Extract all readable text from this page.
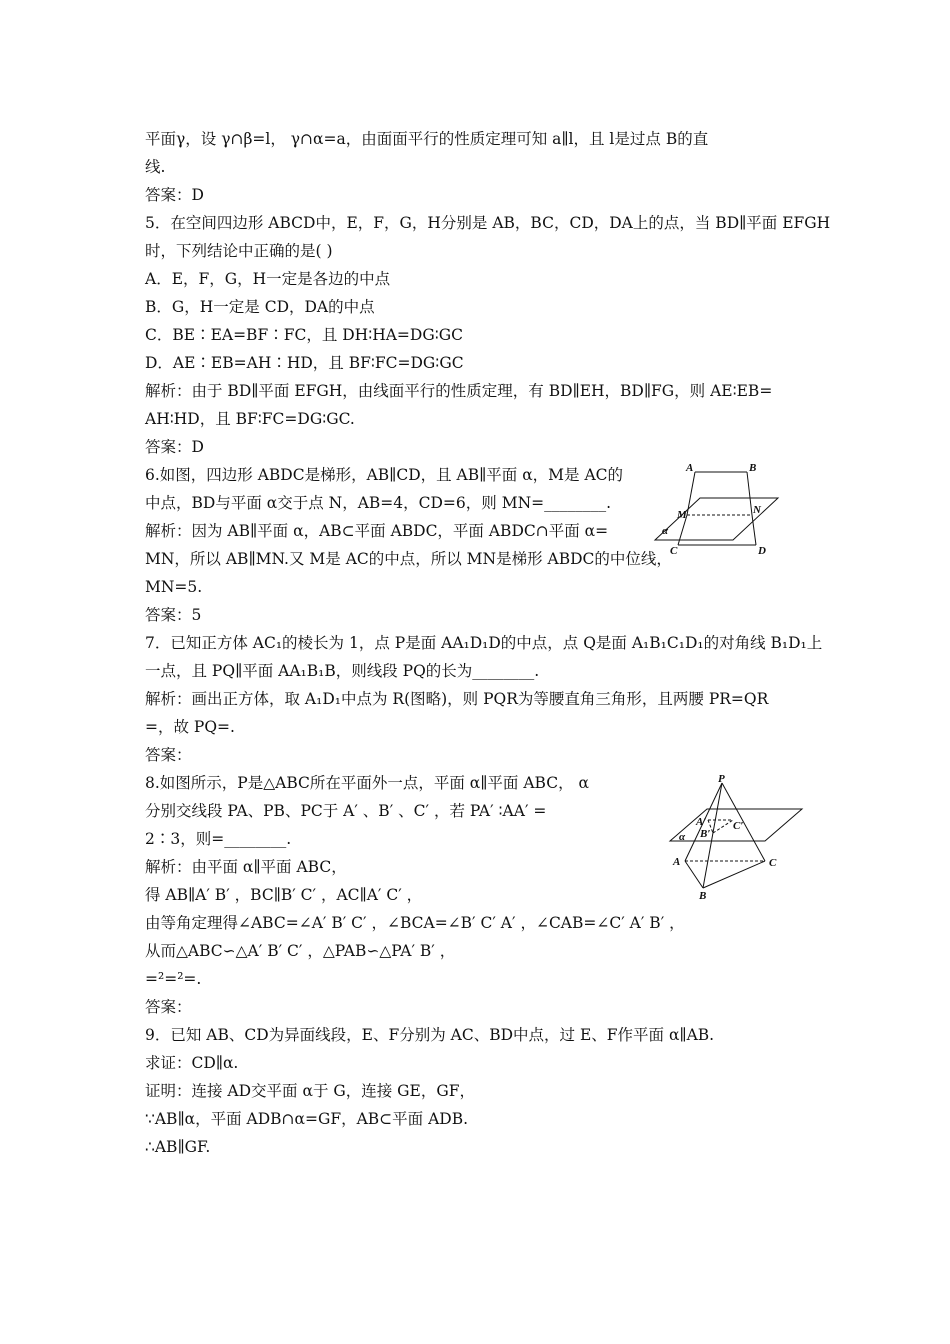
平面γ，设 γ∩β=l， γ∩α=a，由面面平行的性质定理可知 a∥l，且 l是过点 B的直
线.
答案：D
5．在空间四边形 ABCD中，E，F，G，H分别是 AB，BC，CD，DA上的点，当 BD∥平面 EFGH
时，下列结论中正确的是( )
A．E，F，G，H一定是各边的中点
B．G，H一定是 CD，DA的中点
C．BE∶EA=BF∶FC，且 DH∶HA=DG∶GC
D．AE∶EB=AH∶HD，且 BF∶FC=DG∶GC
解析：由于 BD∥平面 EFGH，由线面平行的性质定理，有 BD∥EH，BD∥FG，则 AE∶EB=
AH∶HD，且 BF∶FC=DG∶GC.
答案：D
6.如图，四边形 ABDC是梯形，AB∥CD，且 AB∥平面 α，M是 AC的
中点，BD与平面 α交于点 N，AB=4，CD=6，则 MN=________.
解析：因为 AB∥平面 α，AB⊂平面 ABDC，平面 ABDC∩平面 α=
MN，所以 AB∥MN.又 M是 AC的中点，所以 MN是梯形 ABDC的中位线，
MN=5.
答案：5
7．已知正方体 AC₁的棱长为 1，点 P是面 AA₁D₁D的中点，点 Q是面 A₁B₁C₁D₁的对角线 B₁D₁上
一点，且 PQ∥平面 AA₁B₁B，则线段 PQ的长为________.
解析：画出正方体，取 A₁D₁中点为 R(图略)，则 PQR为等腰直角三角形，且两腰 PR=QR
=，故 PQ=.
答案：
8.如图所示，P是△ABC所在平面外一点，平面 α∥平面 ABC， α
分别交线段 PA、PB、PC于 A′ 、B′ 、C′ ，若 PA′ ∶AA′ =
2∶3，则=________.
解析：由平面 α∥平面 ABC，
得 AB∥A′ B′ ，BC∥B′ C′ ，AC∥A′ C′ ，
由等角定理得∠ABC=∠A′ B′ C′ ，∠BCA=∠B′ C′ A′ ，∠CAB=∠C′ A′ B′ ，
从而△ABC∽△A′ B′ C′ ，△PAB∽△PA′ B′ ，
=²=²=.
答案：
9．已知 AB、CD为异面线段，E、F分别为 AC、BD中点，过 E、F作平面 α∥AB.
求证：CD∥α.
证明：连接 AD交平面 α于 G，连接 GE，GF，
∵AB∥α，平面 ADB∩α=GF，AB⊂平面 ADB.
∴AB∥GF.
A	B
M	N
α
C	D
P
A′
B′
C′
α
A
B
C
